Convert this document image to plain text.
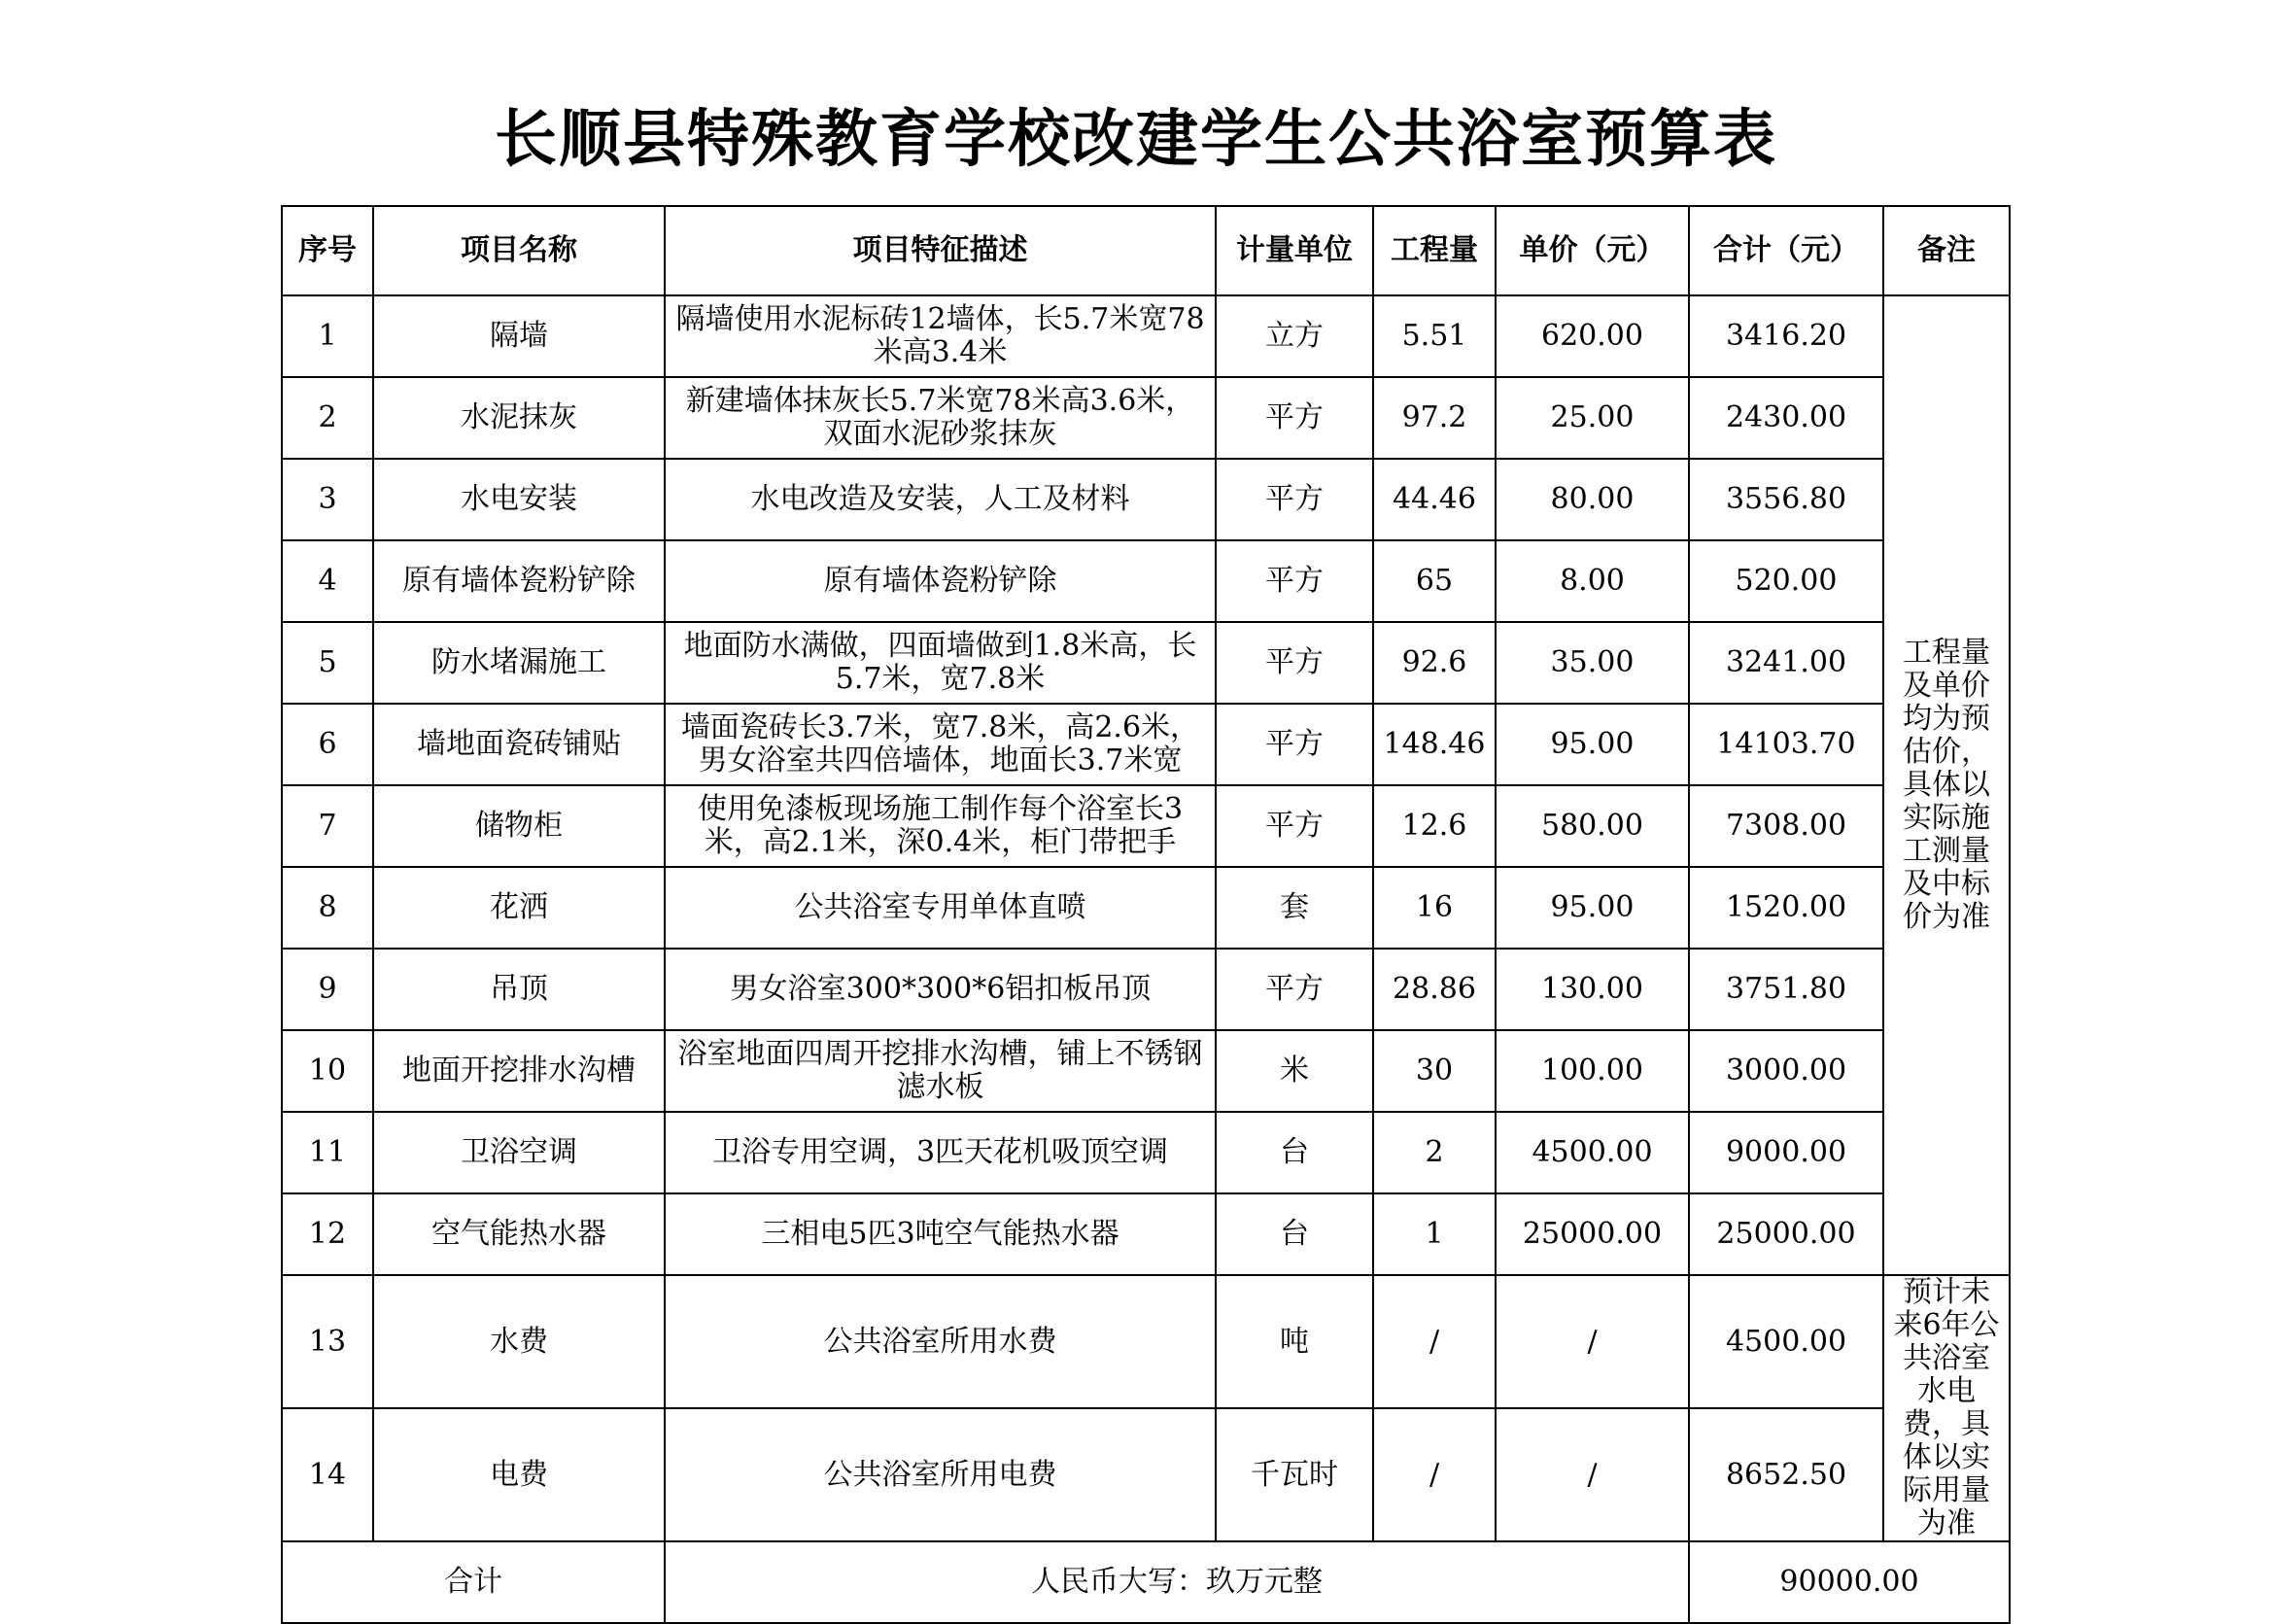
长顺县特殊教育学校改建学生公共浴室预算表
序号	项目名称	项目特征描述	计量单位	工程量	单价（元）	合计（元）	备注
1	隔墙	隔墙使用水泥标砖12墙体，长5.7米宽78米高3.4米	立方	5.51	620.00	3416.20	工程量及单价均为预估价，具体以实际施工测量及中标价为准
2	水泥抹灰	新建墙体抹灰长5.7米宽78米高3.6米，双面水泥砂浆抹灰	平方	97.2	25.00	2430.00	
3	水电安装	水电改造及安装，人工及材料	平方	44.46	80.00	3556.80	
4	原有墙体瓷粉铲除	原有墙体瓷粉铲除	平方	65	8.00	520.00	
5	防水堵漏施工	地面防水满做，四面墙做到1.8米高，长5.7米，宽7.8米	平方	92.6	35.00	3241.00	
6	墙地面瓷砖铺贴	墙面瓷砖长3.7米，宽7.8米，高2.6米，男女浴室共四倍墙体，地面长3.7米宽	平方	148.46	95.00	14103.70	
7	储物柜	使用免漆板现场施工制作每个浴室长3米，高2.1米，深0.4米，柜门带把手	平方	12.6	580.00	7308.00	
8	花洒	公共浴室专用单体直喷	套	16	95.00	1520.00	
9	吊顶	男女浴室300*300*6铝扣板吊顶	平方	28.86	130.00	3751.80	
10	地面开挖排水沟槽	浴室地面四周开挖排水沟槽，铺上不锈钢滤水板	米	30	100.00	3000.00	
11	卫浴空调	卫浴专用空调，3匹天花机吸顶空调	台	2	4500.00	9000.00	
12	空气能热水器	三相电5匹3吨空气能热水器	台	1	25000.00	25000.00	
13	水费	公共浴室所用水费	吨	/	/	4500.00	预计未来6年公共浴室水电费，具体以实际用量为准
14	电费	公共浴室所用电费	千瓦时	/	/	8652.50	
合计		人民币大写：玖万元整				90000.00	
